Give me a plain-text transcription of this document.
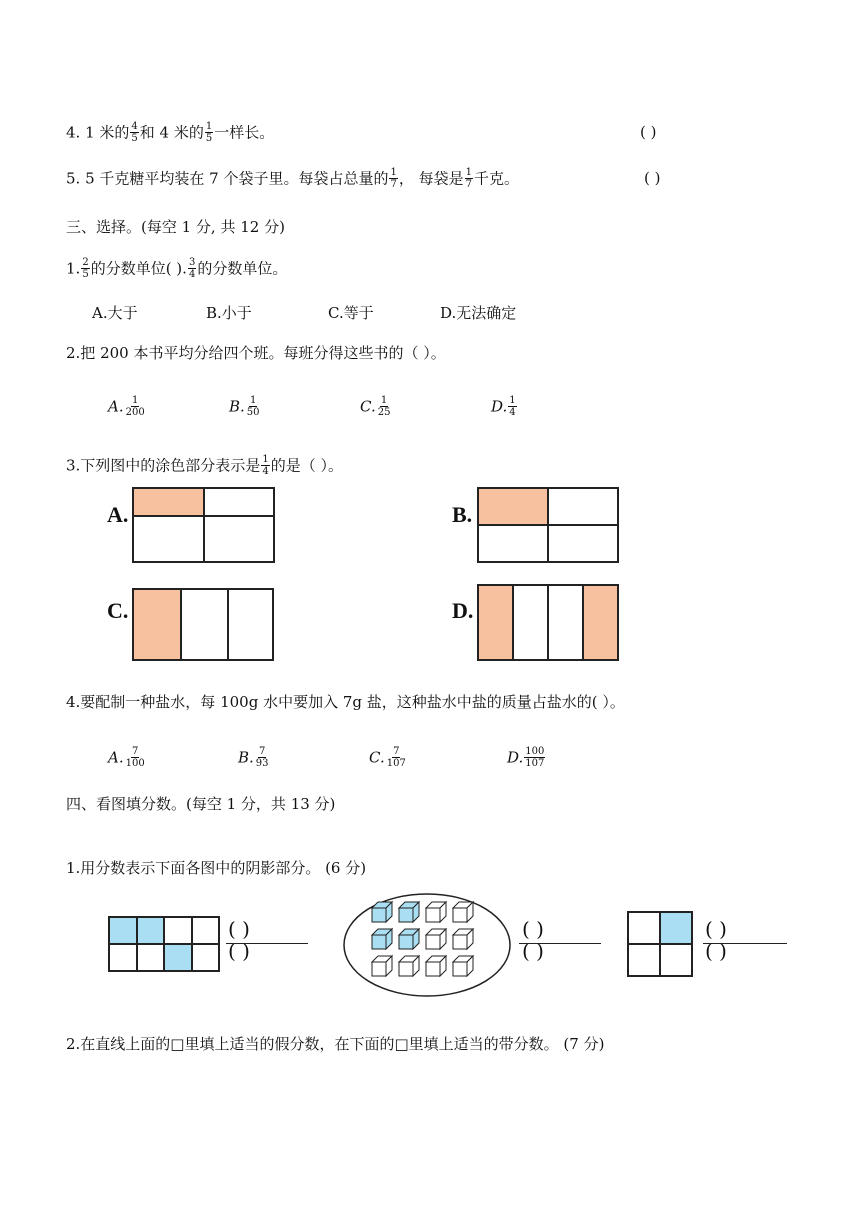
4. 1 米的 $\frac{4}{5}$ 和 4 米的 $\frac{1}{5}$ 一样长。	( )
5. 5 千克糖平均装在 7 个袋子里。每袋占总量的 $\frac{1}{7}$ ， 每袋是 $\frac{1}{7}$ 千克。	( )
三、选择。(每空 1 分, 共 12 分)
1. $\frac{2}{5}$ 的分数单位( ). $\frac{3}{4}$ 的分数单位。
A.大于	B.小于	C.等于	D.无法确定
2.把 200 本书平均分给四个班。每班分得这些书的（ ）。
A. $\frac{1}{200}$	B. $\frac{1}{50}$	C. $\frac{1}{25}$	D. $\frac{1}{4}$
3.下列图中的涂色部分表示是 $\frac{1}{4}$ 的是（ ）。
A.	B.
C.	D.
4.要配制一种盐水，每 100g 水中要加入 7g 盐，这种盐水中盐的质量占盐水的( ）。
A. $\frac{7}{100}$	B. $\frac{7}{93}$	C. $\frac{7}{107}$	D. $\frac{100}{107}$
四、看图填分数。(每空 1 分，共 13 分)
1.用分数表示下面各图中的阴影部分。 (6 分)
( )
( )
( )
( )
( )
( )
2.在直线上面的□里填上适当的假分数，在下面的□里填上适当的带分数。 (7 分)
